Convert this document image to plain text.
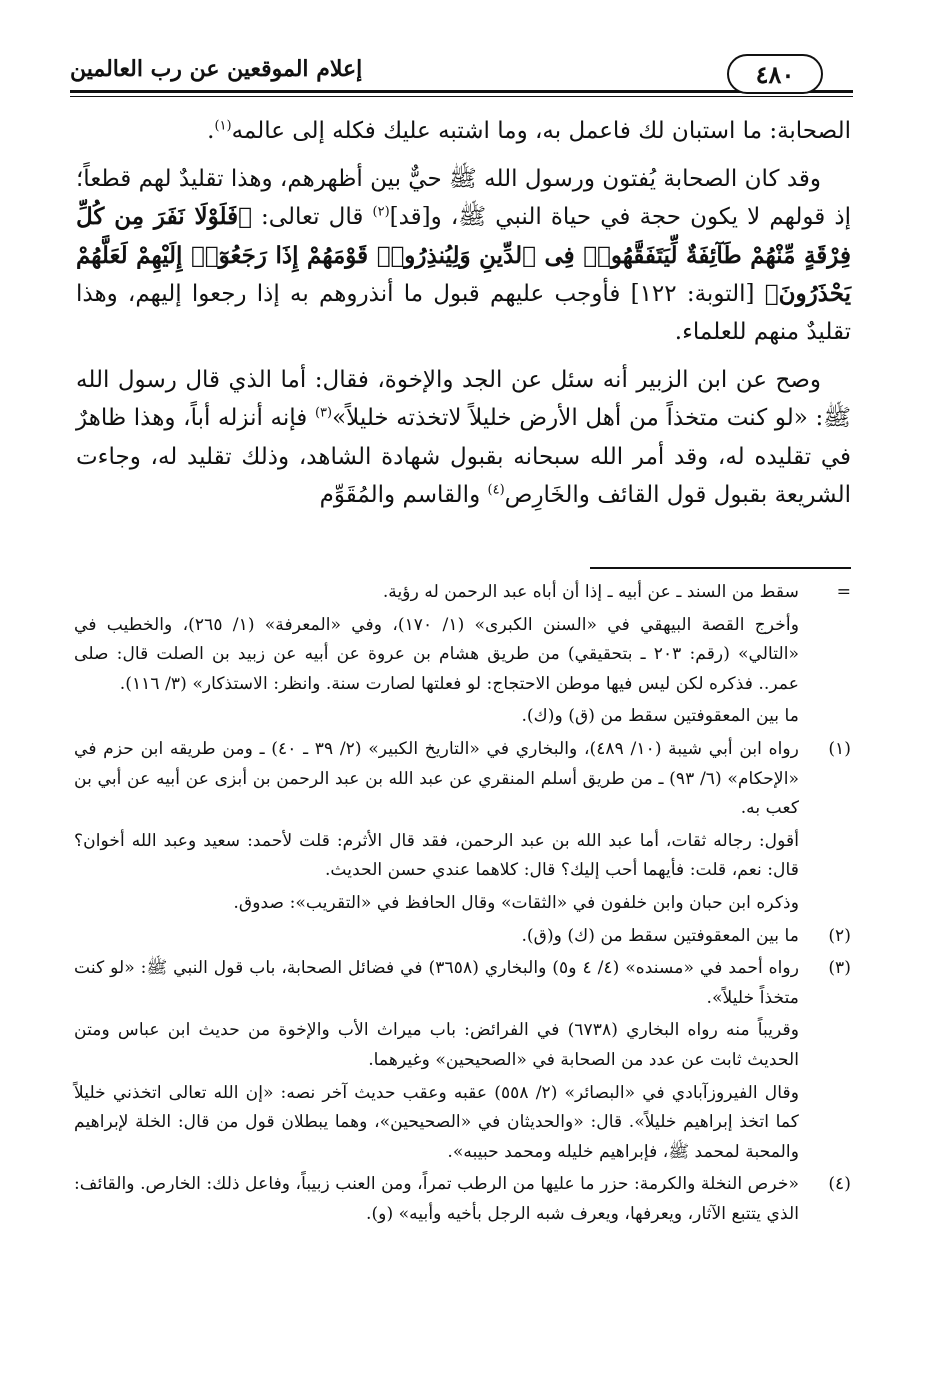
إعلام الموقعين عن رب العالمين	٤٨٠

الصحابة: ما استبان لك فاعمل به، وما اشتبه عليك فكله إلى عالمه$^{(١)}$.

وقد كان الصحابة يُفتون ورسول الله ﷺ حيٌّ بين أظهرهم، وهذا تقليدٌ لهم قطعاً؛ إذ قولهم لا يكون حجة في حياة النبي ﷺ، و[قد]$^{(٢)}$ قال تعالى: ﴿فَلَوْلَا نَفَرَ مِن كُلِّ فِرْقَةٍ مِّنْهُمْ طَآئِفَةٌ لِّيَتَفَقَّهُوا۟ فِى ٱلدِّينِ وَلِيُنذِرُوا۟ قَوْمَهُمْ إِذَا رَجَعُوٓا۟ إِلَيْهِمْ لَعَلَّهُمْ يَحْذَرُونَ﴾ [التوبة: ١٢٢] فأوجب عليهم قبول ما أنذروهم به إذا رجعوا إليهم، وهذا تقليدٌ منهم للعلماء.

وصح عن ابن الزبير أنه سئل عن الجد والإخوة، فقال: أما الذي قال رسول الله ﷺ: «لو كنت متخذاً من أهل الأرض خليلاً لاتخذته خليلاً»$^{(٣)}$ فإنه أنزله أباً، وهذا ظاهرٌ في تقليده له، وقد أمر الله سبحانه بقبول شهادة الشاهد، وذلك تقليد له، وجاءت الشريعة بقبول قول القائف والخَارِص$^{(٤)}$ والقاسم والمُقَوِّم

=

سقط من السند ـ عن أبيه ـ إذا أن أباه عبد الرحمن له رؤية.

وأخرج القصة البيهقي في «السنن الكبرى» (١/ ١٧٠)، وفي «المعرفة» (١/ ٢٦٥)، والخطيب في «التالي» (رقم: ٢٠٣ ـ بتحقيقي) من طريق هشام بن عروة عن أبيه عن زبيد بن الصلت قال: صلى عمر.. فذكره لكن ليس فيها موطن الاحتجاج: لو فعلتها لصارت سنة. وانظر: الاستذكار» (٣/ ١١٦).

ما بين المعقوفتين سقط من (ق) و(ك).

(١)

رواه ابن أبي شيبة (١٠/ ٤٨٩)، والبخاري في «التاريخ الكبير» (٢/ ٣٩ ـ ٤٠) ـ ومن طريقه ابن حزم في «الإحكام» (٦/ ٩٣) ـ من طريق أسلم المنقري عن عبد الله بن عبد الرحمن بن أبزى عن أبيه عن أبي بن كعب به.

أقول: رجاله ثقات، أما عبد الله بن عبد الرحمن، فقد قال الأثرم: قلت لأحمد: سعيد وعبد الله أخوان؟ قال: نعم، قلت: فأيهما أحب إليك؟ قال: كلاهما عندي حسن الحديث.

وذكره ابن حبان وابن خلفون في «الثقات» وقال الحافظ في «التقريب»: صدوق.

(٢)

ما بين المعقوفتين سقط من (ك) و(ق).

(٣)

رواه أحمد في «مسنده» (٤/ ٤ و٥) والبخاري (٣٦٥٨) في فضائل الصحابة، باب قول النبي ﷺ: «لو كنت متخذاً خليلاً».

وقريباً منه رواه البخاري (٦٧٣٨) في الفرائض: باب ميراث الأب والإخوة من حديث ابن عباس ومتن الحديث ثابت عن عدد من الصحابة في «الصحيحين» وغيرهما.

وقال الفيروزآبادي في «البصائر» (٢/ ٥٥٨) عقبه وعقب حديث آخر نصه: «إن الله تعالى اتخذني خليلاً كما اتخذ إبراهيم خليلاً». قال: «والحديثان في «الصحيحين»، وهما يبطلان قول من قال: الخلة لإبراهيم والمحبة لمحمد ﷺ، فإبراهيم خليله ومحمد حبيبه».

(٤)

«خرص النخلة والكرمة: حزر ما عليها من الرطب تمراً، ومن العنب زبيباً، وفاعل ذلك: الخارص. والقائف: الذي يتتبع الآثار، ويعرفها، ويعرف شبه الرجل بأخيه وأبيه» (و).
